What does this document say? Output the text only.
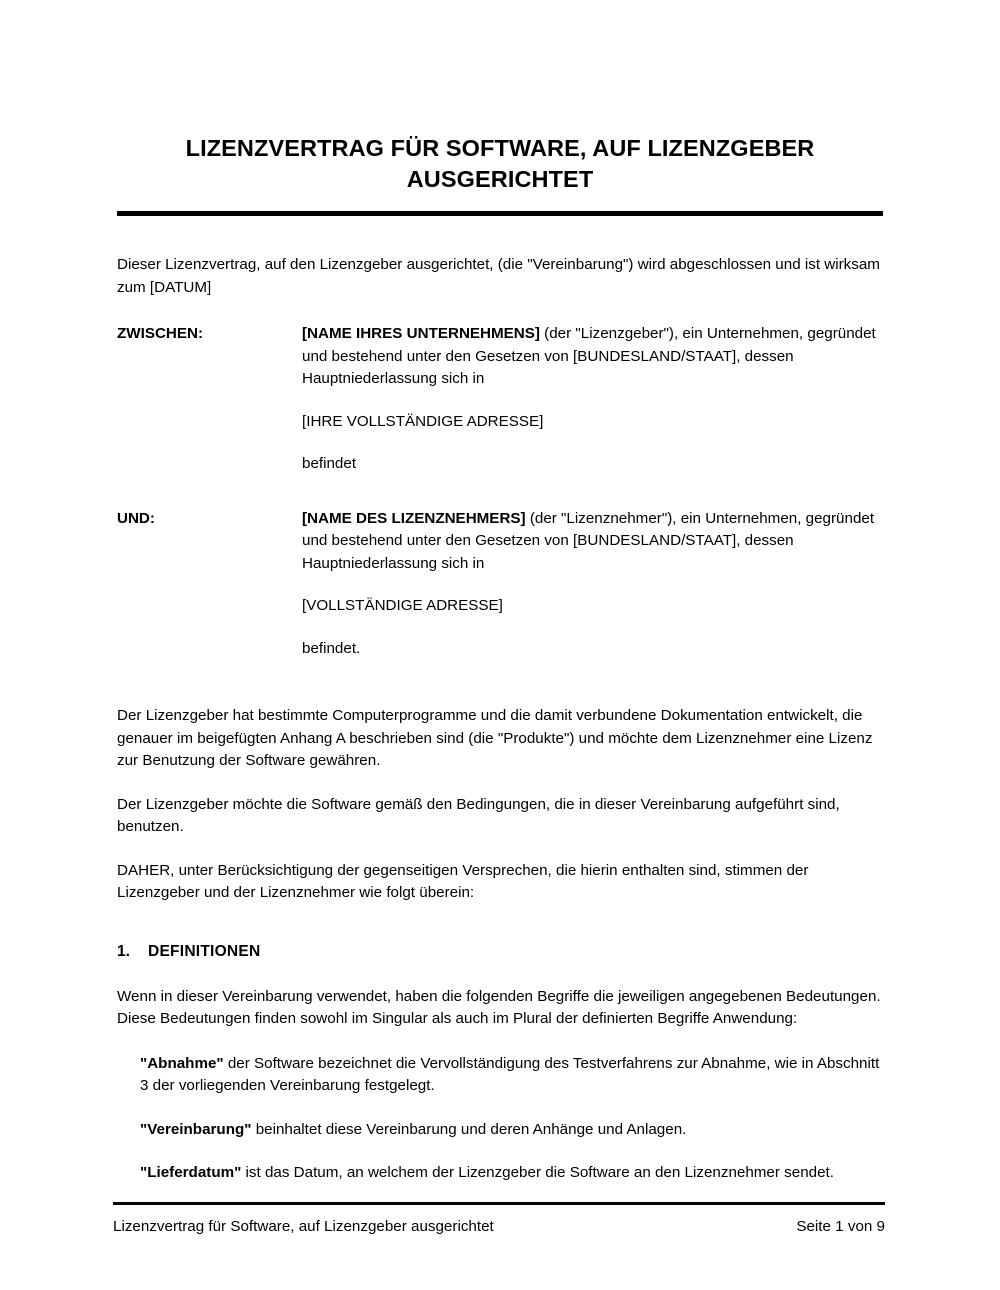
LIZENZVERTRAG FÜR SOFTWARE, AUF LIZENZGEBER AUSGERICHTET

Dieser Lizenzvertrag, auf den Lizenzgeber ausgerichtet, (die "Vereinbarung") wird abgeschlossen und ist wirksam zum [DATUM]

ZWISCHEN:	[NAME IHRES UNTERNEHMENS] (der "Lizenzgeber"), ein Unternehmen, gegründet und bestehend unter den Gesetzen von [BUNDESLAND/STAAT], dessen Hauptniederlassung sich in

[IHRE VOLLSTÄNDIGE ADRESSE]

befindet

UND:	[NAME DES LIZENZNEHMERS] (der "Lizenznehmer"), ein Unternehmen, gegründet und bestehend unter den Gesetzen von [BUNDESLAND/STAAT], dessen Hauptniederlassung sich in

[VOLLSTÄNDIGE ADRESSE]

befindet.

Der Lizenzgeber hat bestimmte Computerprogramme und die damit verbundene Dokumentation entwickelt, die genauer im beigefügten Anhang A beschrieben sind (die "Produkte") und möchte dem Lizenznehmer eine Lizenz zur Benutzung der Software gewähren.

Der Lizenzgeber möchte die Software gemäß den Bedingungen, die in dieser Vereinbarung aufgeführt sind, benutzen.

DAHER, unter Berücksichtigung der gegenseitigen Versprechen, die hierin enthalten sind, stimmen der Lizenzgeber und der Lizenznehmer wie folgt überein:

1.	DEFINITIONEN

Wenn in dieser Vereinbarung verwendet, haben die folgenden Begriffe die jeweiligen angegebenen Bedeutungen. Diese Bedeutungen finden sowohl im Singular als auch im Plural der definierten Begriffe Anwendung:

"Abnahme" der Software bezeichnet die Vervollständigung des Testverfahrens zur Abnahme, wie in Abschnitt 3 der vorliegenden Vereinbarung festgelegt.

"Vereinbarung" beinhaltet diese Vereinbarung und deren Anhänge und Anlagen.

"Lieferdatum" ist das Datum, an welchem der Lizenzgeber die Software an den Lizenznehmer sendet.

Lizenzvertrag für Software, auf Lizenzgeber ausgerichtet	Seite 1 von 9
